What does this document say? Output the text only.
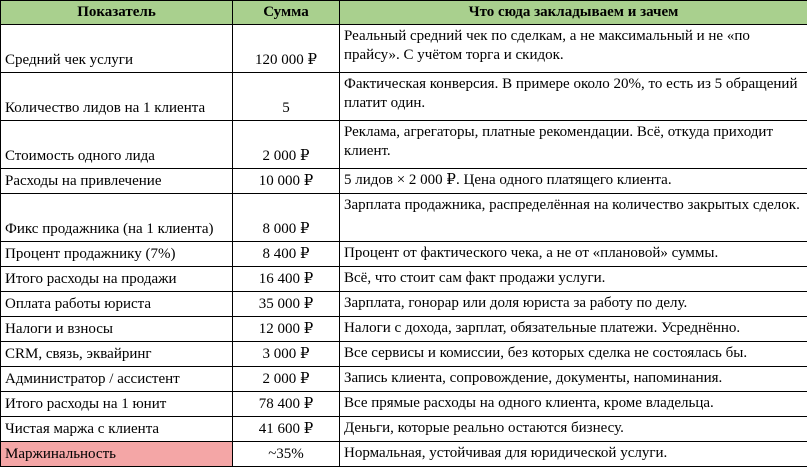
Показатель	Сумма	Что сюда закладываем и зачем
Средний чек услуги	120 000 ₽	Реальный средний чек по сделкам, а не максимальный и не «по прайсу». С учётом торга и скидок.
Количество лидов на 1 клиента	5	Фактическая конверсия. В примере около 20%, то есть из 5 обращений платит один.
Стоимость одного лида	2 000 ₽	Реклама, агрегаторы, платные рекомендации. Всё, откуда приходит клиент.
Расходы на привлечение	10 000 ₽	5 лидов × 2 000 ₽. Цена одного платящего клиента.
Фикс продажника (на 1 клиента)	8 000 ₽	Зарплата продажника, распределённая на количество закрытых сделок.
Процент продажнику (7%)	8 400 ₽	Процент от фактического чека, а не от «плановой» суммы.
Итого расходы на продажи	16 400 ₽	Всё, что стоит сам факт продажи услуги.
Оплата работы юриста	35 000 ₽	Зарплата, гонорар или доля юриста за работу по делу.
Налоги и взносы	12 000 ₽	Налоги с дохода, зарплат, обязательные платежи. Усреднённо.
CRM, связь, эквайринг	3 000 ₽	Все сервисы и комиссии, без которых сделка не состоялась бы.
Администратор / ассистент	2 000 ₽	Запись клиента, сопровождение, документы, напоминания.
Итого расходы на 1 юнит	78 400 ₽	Все прямые расходы на одного клиента, кроме владельца.
Чистая маржа с клиента	41 600 ₽	Деньги, которые реально остаются бизнесу.
Маржинальность	~35%	Нормальная, устойчивая для юридической услуги.
